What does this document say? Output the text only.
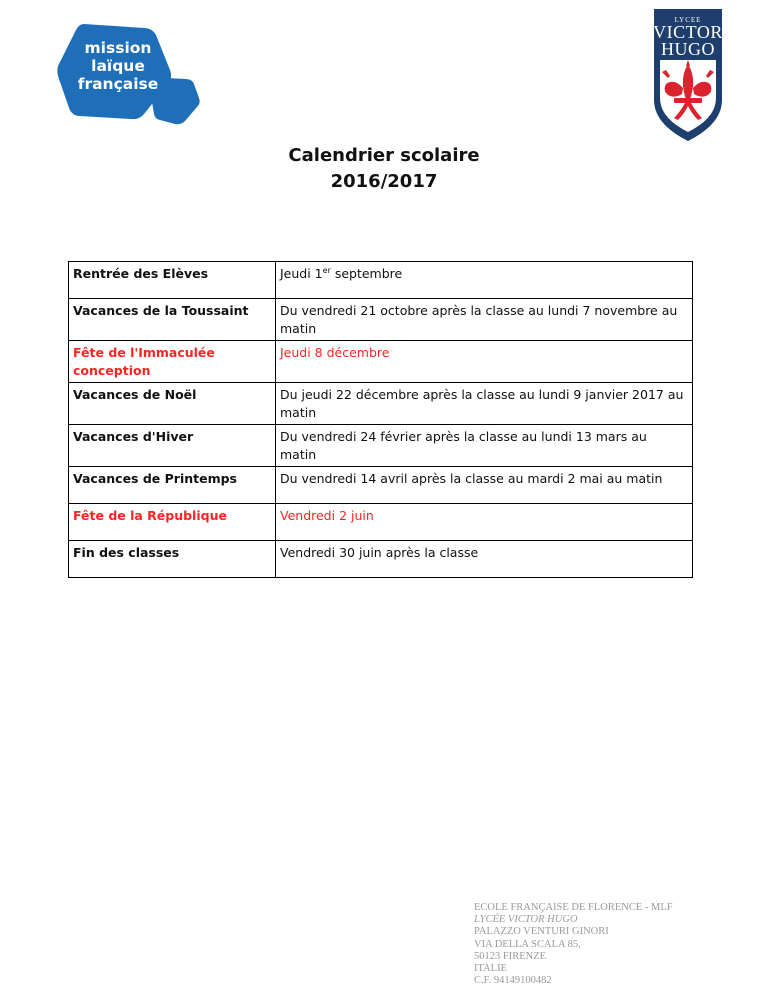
mission
laïque
française
LYCEE
VICTOR
HUGO
Calendrier scolaire
2016/2017
Rentrée des Elèves	Jeudi 1er septembre
Vacances de la Toussaint	Du vendredi 21 octobre après la classe au lundi 7 novembre au matin
Fête de l'Immaculée conception	Jeudi 8 décembre
Vacances de Noël	Du jeudi 22 décembre après la classe au lundi 9 janvier 2017 au matin
Vacances d'Hiver	Du vendredi 24 février après la classe au lundi 13 mars au matin
Vacances de Printemps	Du vendredi 14 avril après la classe au mardi 2 mai au matin
Fête de la République	Vendredi 2 juin
Fin des classes	Vendredi 30 juin après la classe
ECOLE FRANÇAISE DE FLORENCE - MLF
LYCÉE VICTOR HUGO
PALAZZO VENTURI GINORI
VIA DELLA SCALA 85,
50123 FIRENZE
ITALIE
C.F. 94149100482
